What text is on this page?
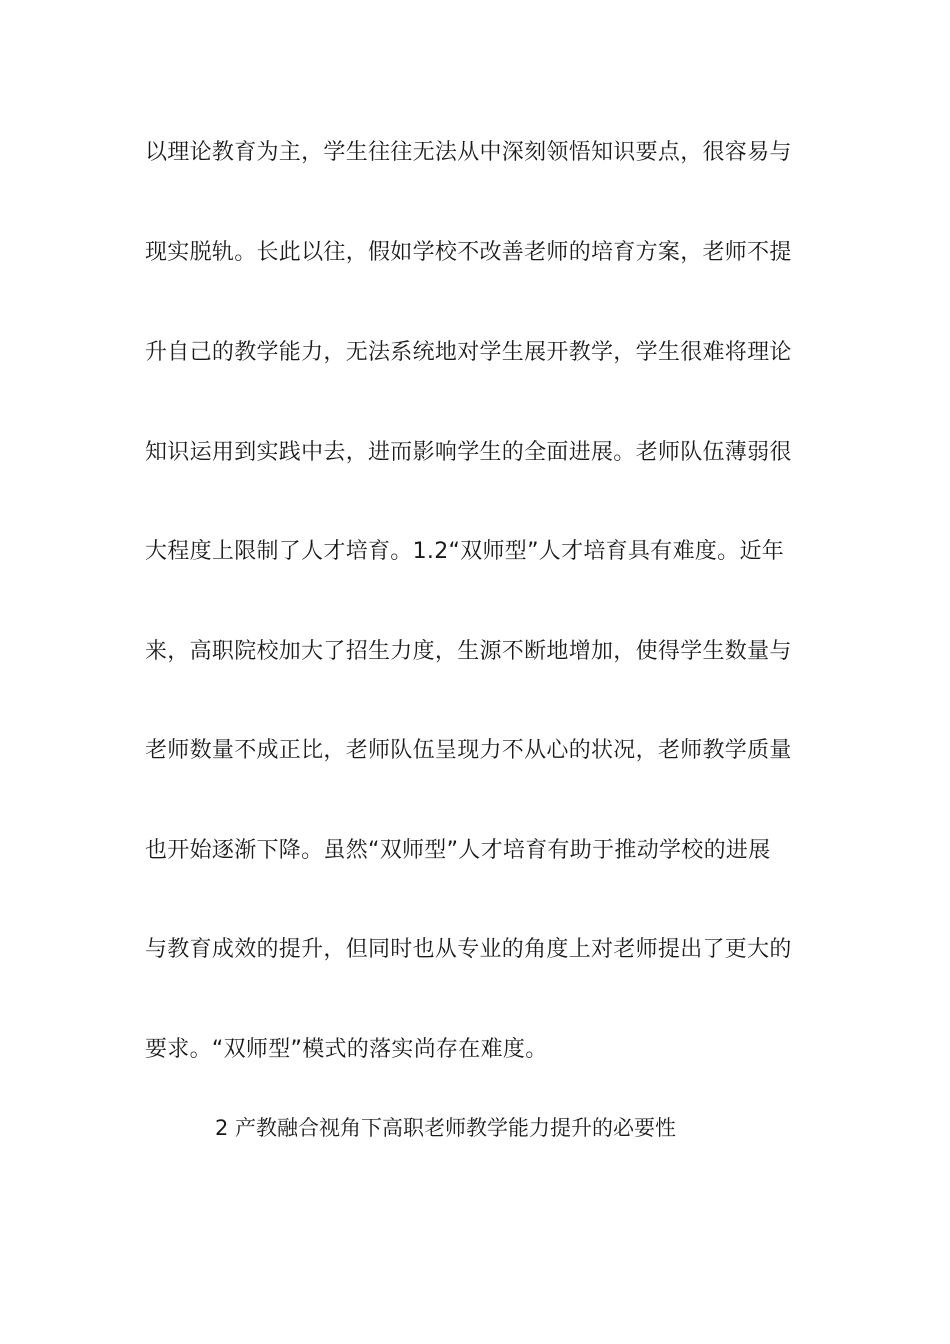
以理论教育为主，学生往往无法从中深刻领悟知识要点，很容易与
现实脱轨。长此以往，假如学校不改善老师的培育方案，老师不提
升自己的教学能力，无法系统地对学生展开教学，学生很难将理论
知识运用到实践中去，进而影响学生的全面进展。老师队伍薄弱很
大程度上限制了人才培育。1.2“双师型”人才培育具有难度。近年
来，高职院校加大了招生力度，生源不断地增加，使得学生数量与
老师数量不成正比，老师队伍呈现力不从心的状况，老师教学质量
也开始逐渐下降。虽然“双师型”人才培育有助于推动学校的进展
与教育成效的提升，但同时也从专业的角度上对老师提出了更大的
要求。“双师型”模式的落实尚存在难度。
2 产教融合视角下高职老师教学能力提升的必要性
